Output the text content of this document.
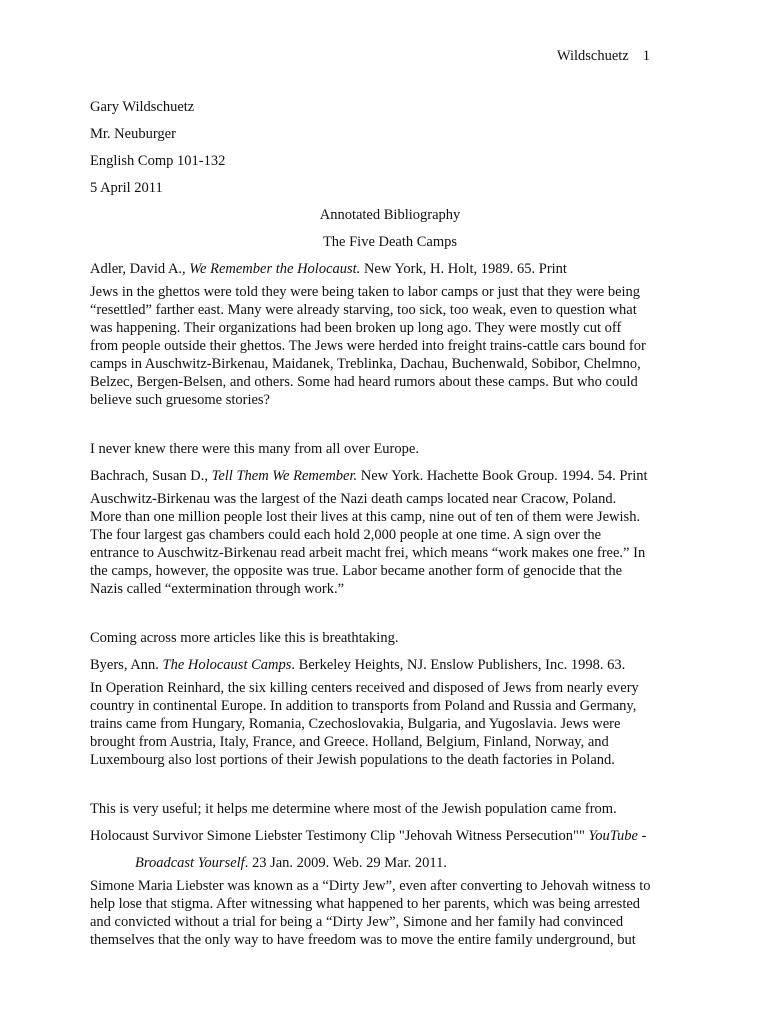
Wildschuetz 1

Gary Wildschuetz

Mr. Neuburger

English Comp 101-132

5 April 2011

Annotated Bibliography

The Five Death Camps

Adler, David A., We Remember the Holocaust. New York, H. Holt, 1989. 65. Print

Jews in the ghettos were told they were being taken to labor camps or just that they were being
“resettled” farther east. Many were already starving, too sick, too weak, even to question what
was happening. Their organizations had been broken up long ago. They were mostly cut off
from people outside their ghettos. The Jews were herded into freight trains-cattle cars bound for
camps in Auschwitz-Birkenau, Maidanek, Treblinka, Dachau, Buchenwald, Sobibor, Chelmno,
Belzec, Bergen-Belsen, and others. Some had heard rumors about these camps. But who could
believe such gruesome stories?

I never knew there were this many from all over Europe.

Bachrach, Susan D., Tell Them We Remember. New York. Hachette Book Group. 1994. 54. Print

Auschwitz-Birkenau was the largest of the Nazi death camps located near Cracow, Poland.
More than one million people lost their lives at this camp, nine out of ten of them were Jewish.
The four largest gas chambers could each hold 2,000 people at one time. A sign over the
entrance to Auschwitz-Birkenau read arbeit macht frei, which means “work makes one free.” In
the camps, however, the opposite was true. Labor became another form of genocide that the
Nazis called “extermination through work.”

Coming across more articles like this is breathtaking.

Byers, Ann. The Holocaust Camps. Berkeley Heights, NJ. Enslow Publishers, Inc. 1998. 63.

In Operation Reinhard, the six killing centers received and disposed of Jews from nearly every
country in continental Europe. In addition to transports from Poland and Russia and Germany,
trains came from Hungary, Romania, Czechoslovakia, Bulgaria, and Yugoslavia. Jews were
brought from Austria, Italy, France, and Greece. Holland, Belgium, Finland, Norway, and
Luxembourg also lost portions of their Jewish populations to the death factories in Poland.

This is very useful; it helps me determine where most of the Jewish population came from.

Holocaust Survivor Simone Liebster Testimony Clip "Jehovah Witness Persecution"" YouTube -

Broadcast Yourself. 23 Jan. 2009. Web. 29 Mar. 2011.

Simone Maria Liebster was known as a “Dirty Jew”, even after converting to Jehovah witness to
help lose that stigma. After witnessing what happened to her parents, which was being arrested
and convicted without a trial for being a “Dirty Jew”, Simone and her family had convinced
themselves that the only way to have freedom was to move the entire family underground, but
